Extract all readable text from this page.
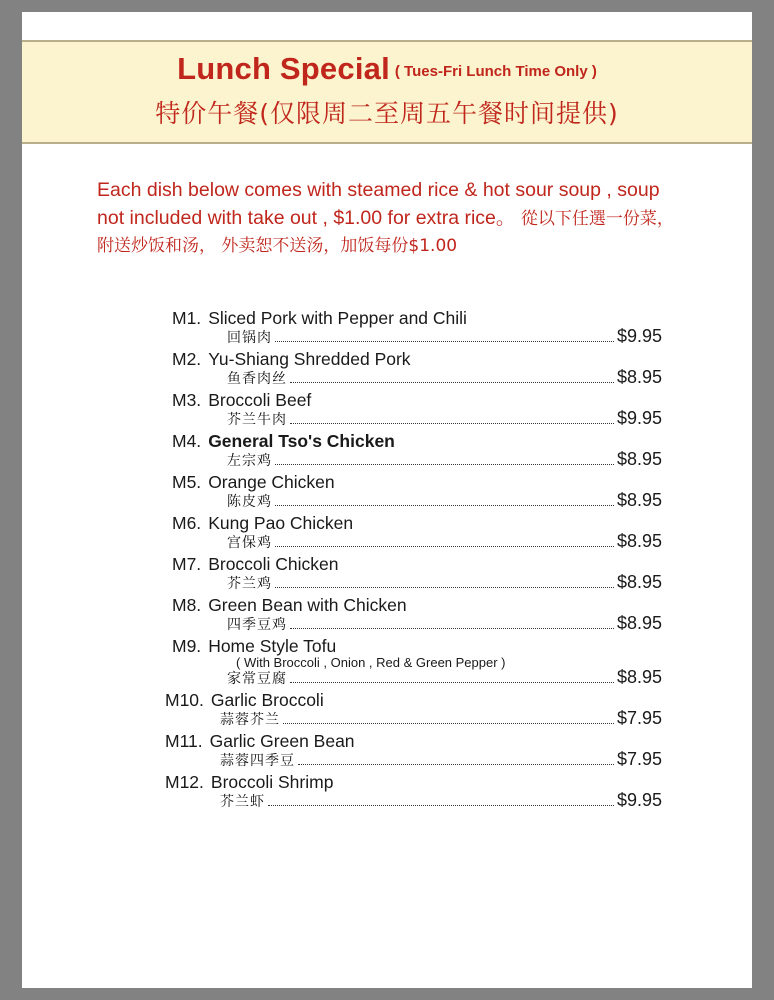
Lunch Special ( Tues-Fri Lunch Time Only )
特价午餐(仅限周二至周五午餐时间提供)
Each dish below comes with steamed rice & hot sour soup , soup not included with take out , $1.00 for extra rice。 從以下任選一份菜，附送炒饭和汤， 外卖恕不送汤，加饭每份$1.00
M1. Sliced Pork with Pepper and Chili
回锅肉	$9.95
M2. Yu-Shiang Shredded Pork
鱼香肉丝	$8.95
M3. Broccoli Beef
芥兰牛肉	$9.95
M4. General Tso's Chicken
左宗鸡	$8.95
M5. Orange Chicken
陈皮鸡	$8.95
M6. Kung Pao Chicken
宫保鸡	$8.95
M7. Broccoli Chicken
芥兰鸡	$8.95
M8. Green Bean with Chicken
四季豆鸡	$8.95
M9. Home Style Tofu
( With Broccoli , Onion , Red & Green Pepper )
家常豆腐	$8.95
M10. Garlic Broccoli
蒜蓉芥兰	$7.95
M11. Garlic Green Bean
蒜蓉四季豆	$7.95
M12. Broccoli Shrimp
芥兰虾	$9.95
